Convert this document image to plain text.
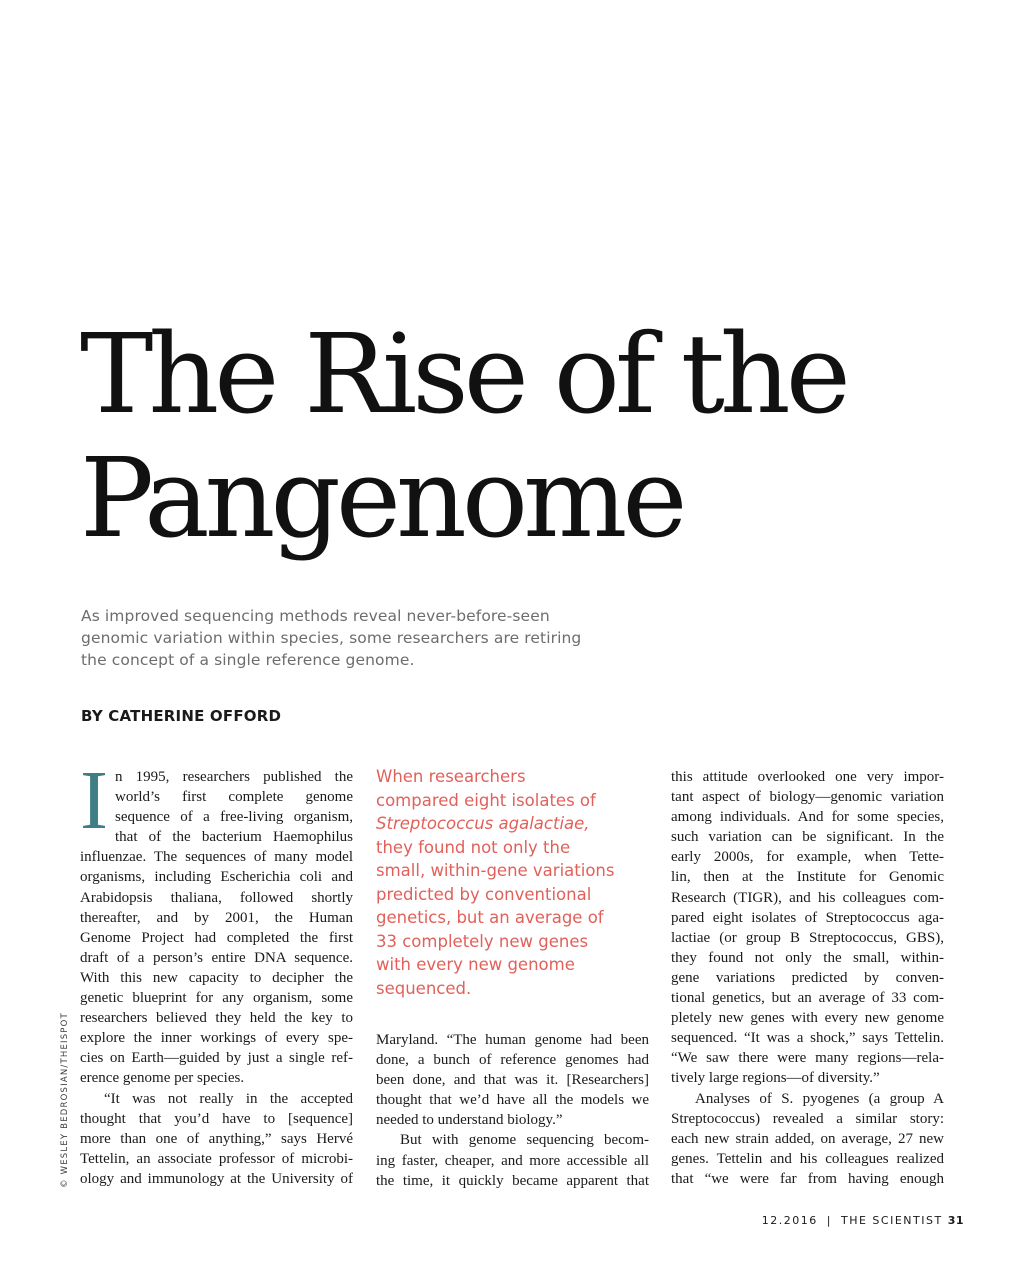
The Rise of the
Pangenome
As improved sequencing methods reveal never-before-seen
genomic variation within species, some researchers are retiring
the concept of a single reference genome.
BY CATHERINE OFFORD
© WESLEY BEDROSIAN/THEISPOT
I n 1995, researchers published the
world’s first complete genome
sequence of a free-living organism,
that of the bacterium Haemophilus
influenzae. The sequences of many model
organisms, including Escherichia coli and
Arabidopsis thaliana, followed shortly
thereafter, and by 2001, the Human
Genome Project had completed the first
draft of a person’s entire DNA sequence.
With this new capacity to decipher the
genetic blueprint for any organism, some
researchers believed they held the key to
explore the inner workings of every spe-
cies on Earth—guided by just a single ref-
erence genome per species.
“It was not really in the accepted
thought that you’d have to [sequence]
more than one of anything,” says Hervé
Tettelin, an associate professor of microbi-
ology and immunology at the University of
When researchers
compared eight isolates of
Streptococcus agalactiae,
they found not only the
small, within-gene variations
predicted by conventional
genetics, but an average of
33 completely new genes
with every new genome
sequenced.
Maryland. “The human genome had been
done, a bunch of reference genomes had
been done, and that was it. [Researchers]
thought that we’d have all the models we
needed to understand biology.”
But with genome sequencing becom-
ing faster, cheaper, and more accessible all
the time, it quickly became apparent that
this attitude overlooked one very impor-
tant aspect of biology—genomic variation
among individuals. And for some species,
such variation can be significant. In the
early 2000s, for example, when Tette-
lin, then at the Institute for Genomic
Research (TIGR), and his colleagues com-
pared eight isolates of Streptococcus aga-
lactiae (or group B Streptococcus, GBS),
they found not only the small, within-
gene variations predicted by conven-
tional genetics, but an average of 33 com-
pletely new genes with every new genome
sequenced. “It was a shock,” says Tettelin.
“We saw there were many regions—rela-
tively large regions—of diversity.”
Analyses of S. pyogenes (a group A
Streptococcus) revealed a similar story:
each new strain added, on average, 27 new
genes. Tettelin and his colleagues realized
that “we were far from having enough
12.2016 | THE SCIENTIST 31
